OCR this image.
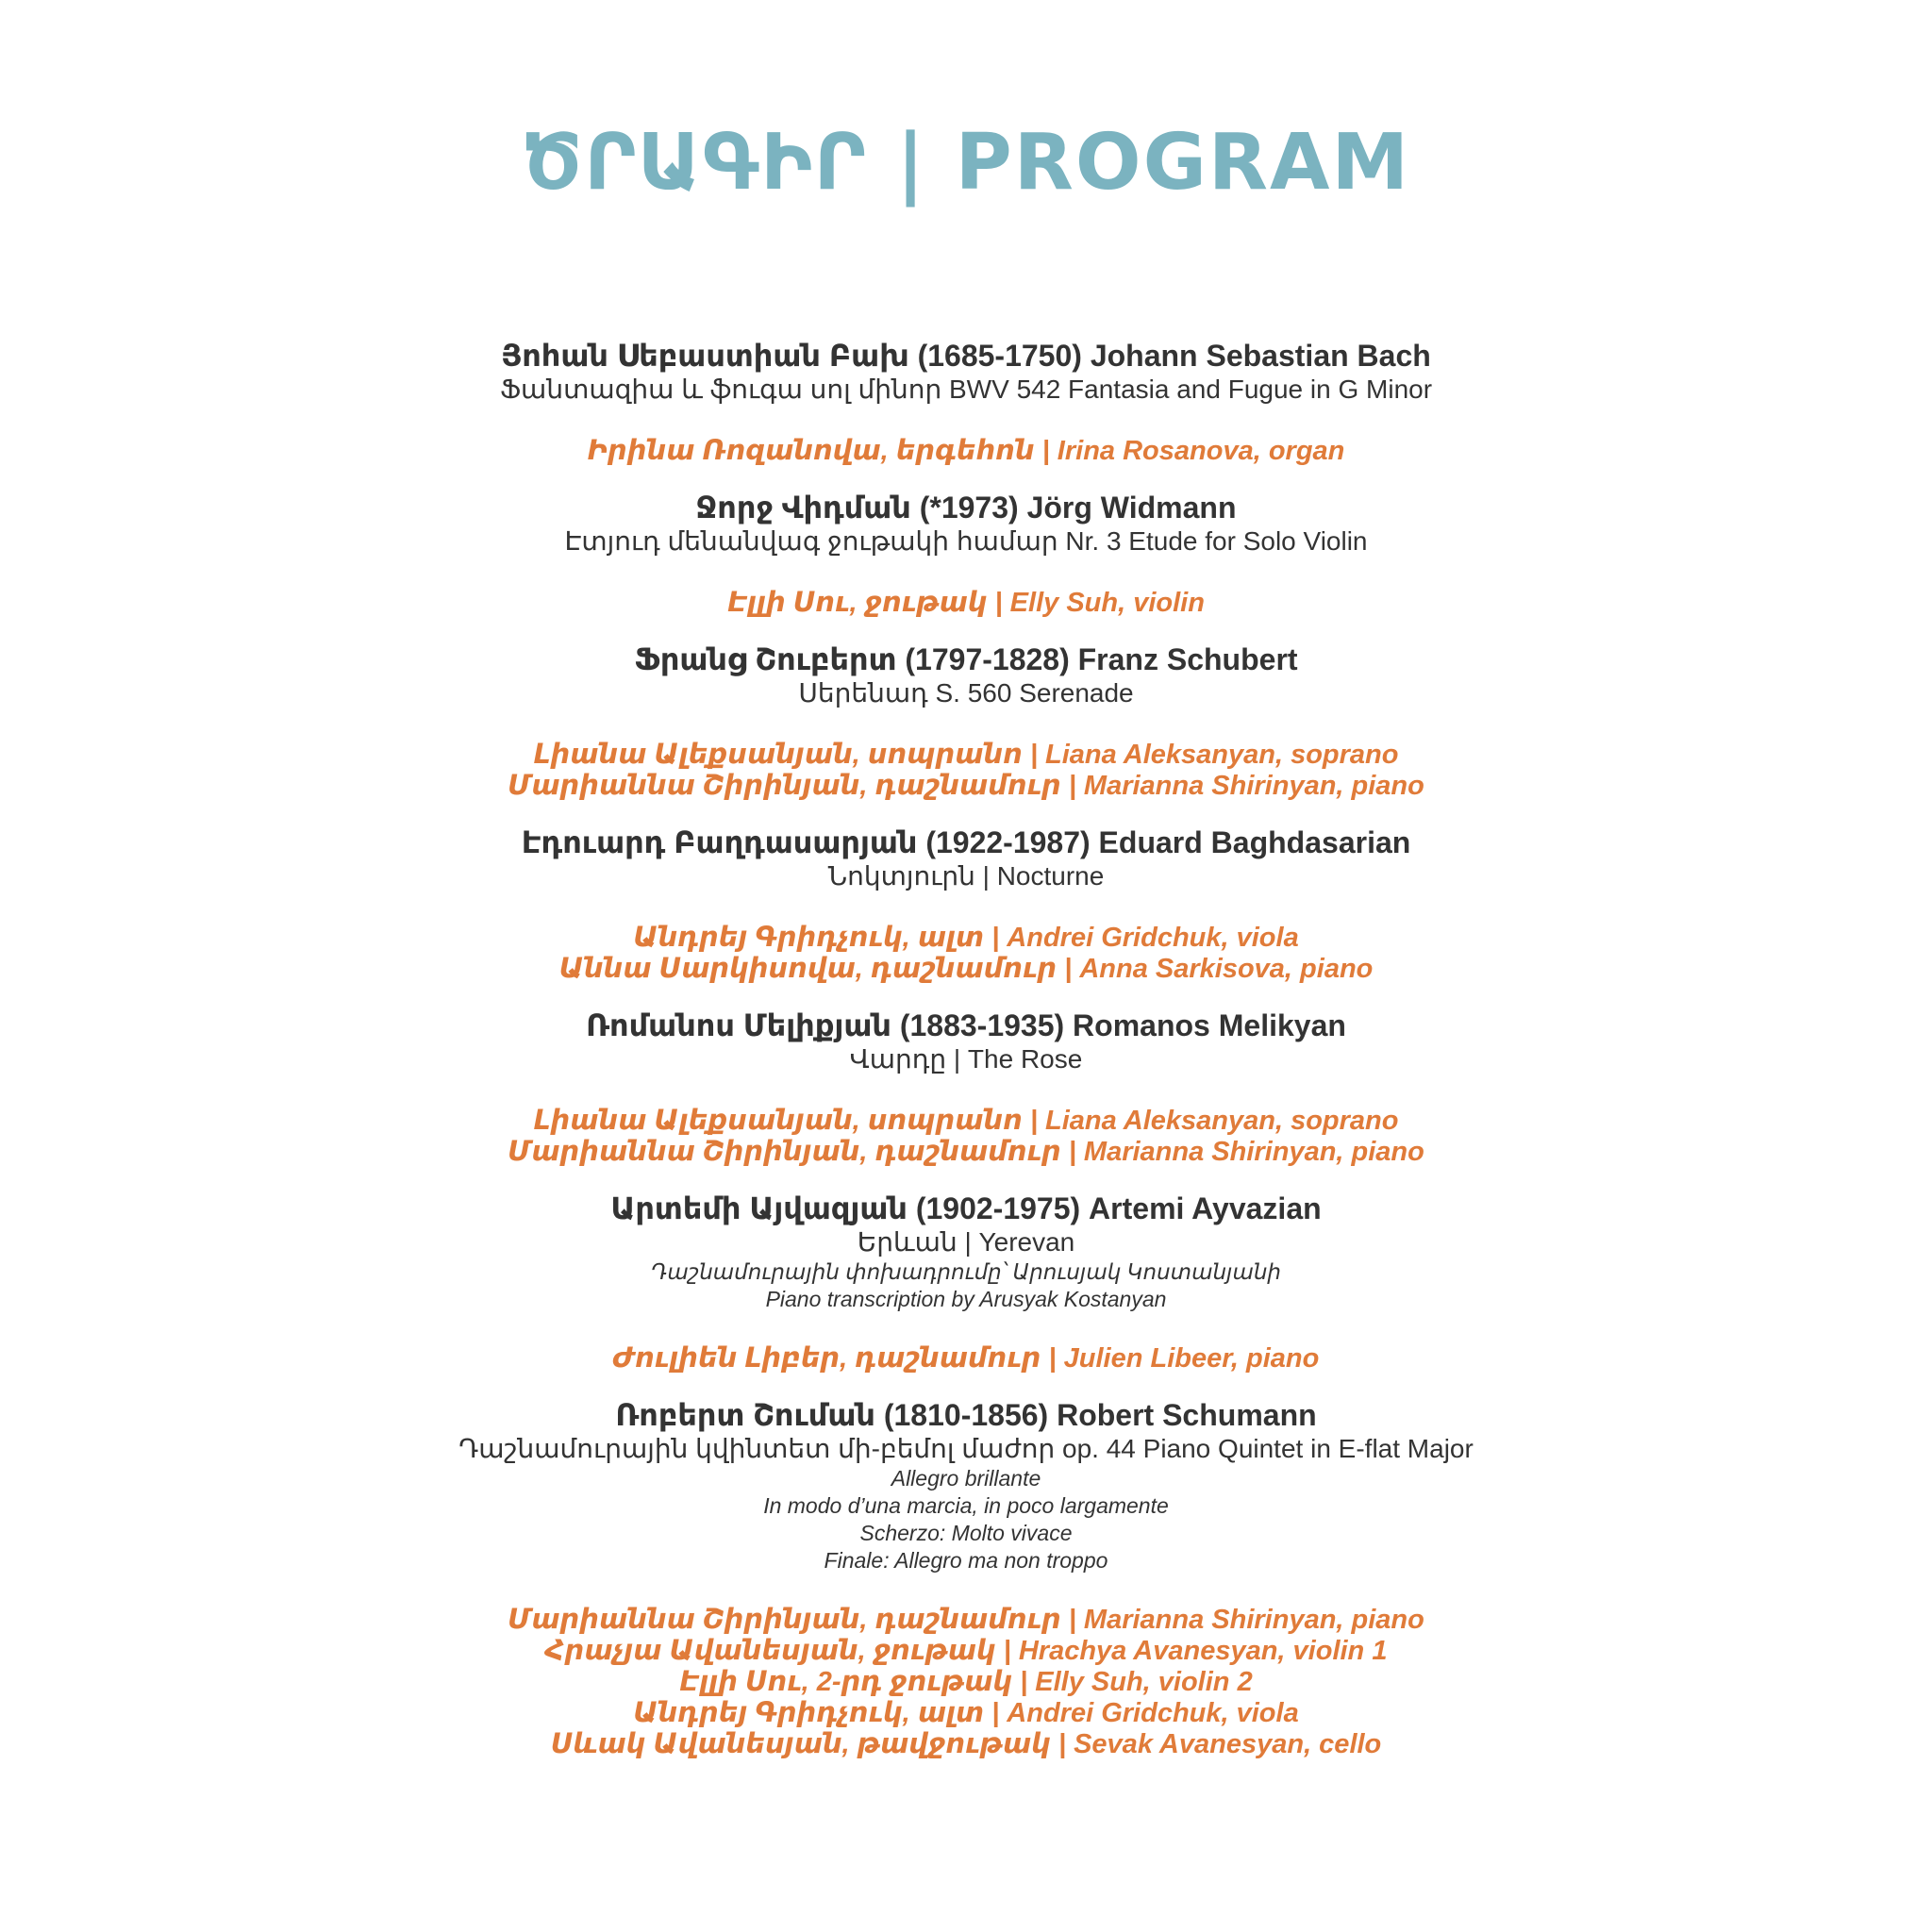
ԾՐԱԳԻՐ | PROGRAM
Յոհան Սեբաստիան Բախ (1685-1750) Johann Sebastian Bach
Ֆանտազիա և ֆուգա սոլ մինոր BWV 542 Fantasia and Fugue in G Minor
Իրինա Ռոզանովա, երգեհոն | Irina Rosanova, organ
Ջորջ Վիդման (*1973) Jörg Widmann
Էտյուդ մենանվագ ջութակի համար Nr. 3 Etude for Solo Violin
Էլլի Սու, ջութակ | Elly Suh, violin
Ֆրանց Շուբերտ (1797-1828) Franz Schubert
Սերենադ S. 560 Serenade
Լիանա Ալեքսանյան, սոպրանո | Liana Aleksanyan, soprano
Մարիաննա Շիրինյան, դաշնամուր | Marianna Shirinyan, piano
Էդուարդ Բաղդասարյան (1922-1987) Eduard Baghdasarian
Նոկտյուրն | Nocturne
Անդրեյ Գրիդչուկ, ալտ | Andrei Gridchuk, viola
Աննա Սարկիսովա, դաշնամուր | Anna Sarkisova, piano
Ռոմանոս Մելիքյան (1883-1935) Romanos Melikyan
Վարդը | The Rose
Լիանա Ալեքսանյան, սոպրանո | Liana Aleksanyan, soprano
Մարիաննա Շիրինյան, դաշնամուր | Marianna Shirinyan, piano
Արտեմի Այվազյան (1902-1975) Artemi Ayvazian
Երևան | Yerevan
Դաշնամուրային փոխադրումը՝ Արուսյակ Կոստանյանի
Piano transcription by Arusyak Kostanyan
Ժուլիեն Լիբեր, դաշնամուր | Julien Libeer, piano
Ռոբերտ Շուման (1810-1856) Robert Schumann
Դաշնամուրային կվինտետ մի-բեմոլ մաժոր op. 44 Piano Quintet in E-flat Major
Allegro brillante
In modo d’una marcia, in poco largamente
Scherzo: Molto vivace
Finale: Allegro ma non troppo
Մարիաննա Շիրինյան, դաշնամուր | Marianna Shirinyan, piano
Հրաչյա Ավանեսյան, ջութակ | Hrachya Avanesyan, violin 1
Էլլի Սու, 2-րդ ջութակ | Elly Suh, violin 2
Անդրեյ Գրիդչուկ, ալտ | Andrei Gridchuk, viola
Սևակ Ավանեսյան, թավջութակ | Sevak Avanesyan, cello
